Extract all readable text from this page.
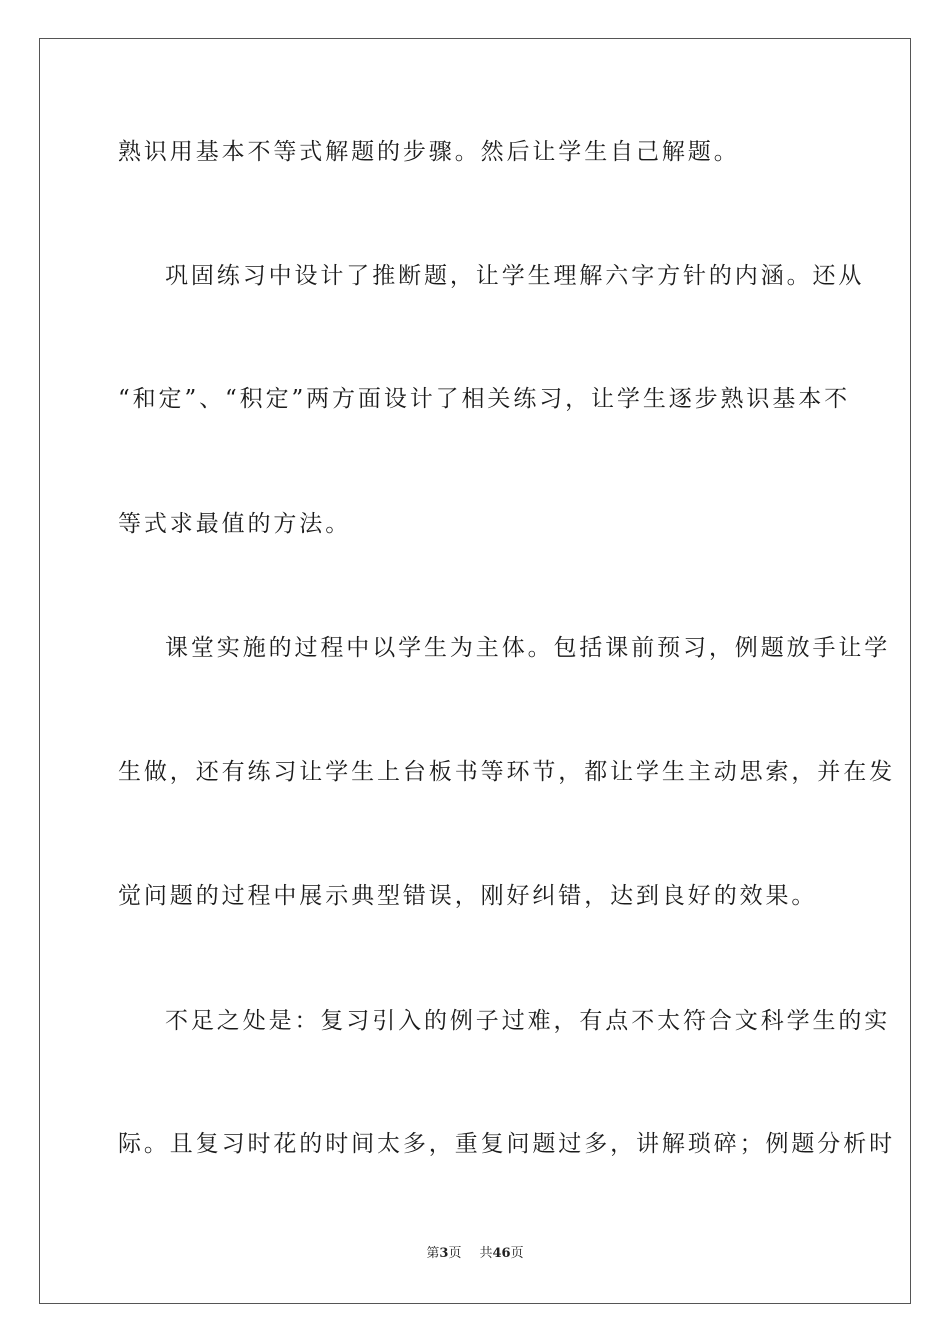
熟识用基本不等式解题的步骤。然后让学生自己解题。
巩固练习中设计了推断题，让学生理解六字方针的内涵。还从
“和定”、“积定”两方面设计了相关练习，让学生逐步熟识基本不
等式求最值的方法。
课堂实施的过程中以学生为主体。包括课前预习，例题放手让学
生做，还有练习让学生上台板书等环节，都让学生主动思索，并在发
觉问题的过程中展示典型错误，刚好纠错，达到良好的效果。
不足之处是：复习引入的例子过难，有点不太符合文科学生的实
际。且复习时花的时间太多，重复问题过多，讲解琐碎；例题分析时
第3页 共46页
